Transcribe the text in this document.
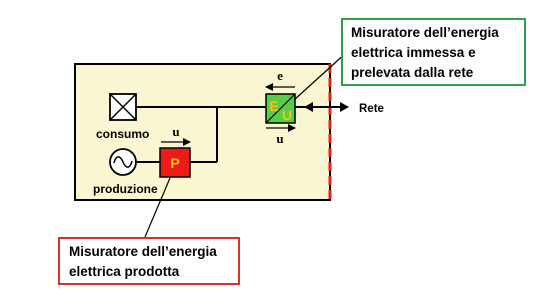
P
u
E
U
e
u
consumo
produzione
Rete
Misuratore dell’energia
elettrica immessa e
prelevata dalla rete
Misuratore dell’energia
elettrica prodotta
